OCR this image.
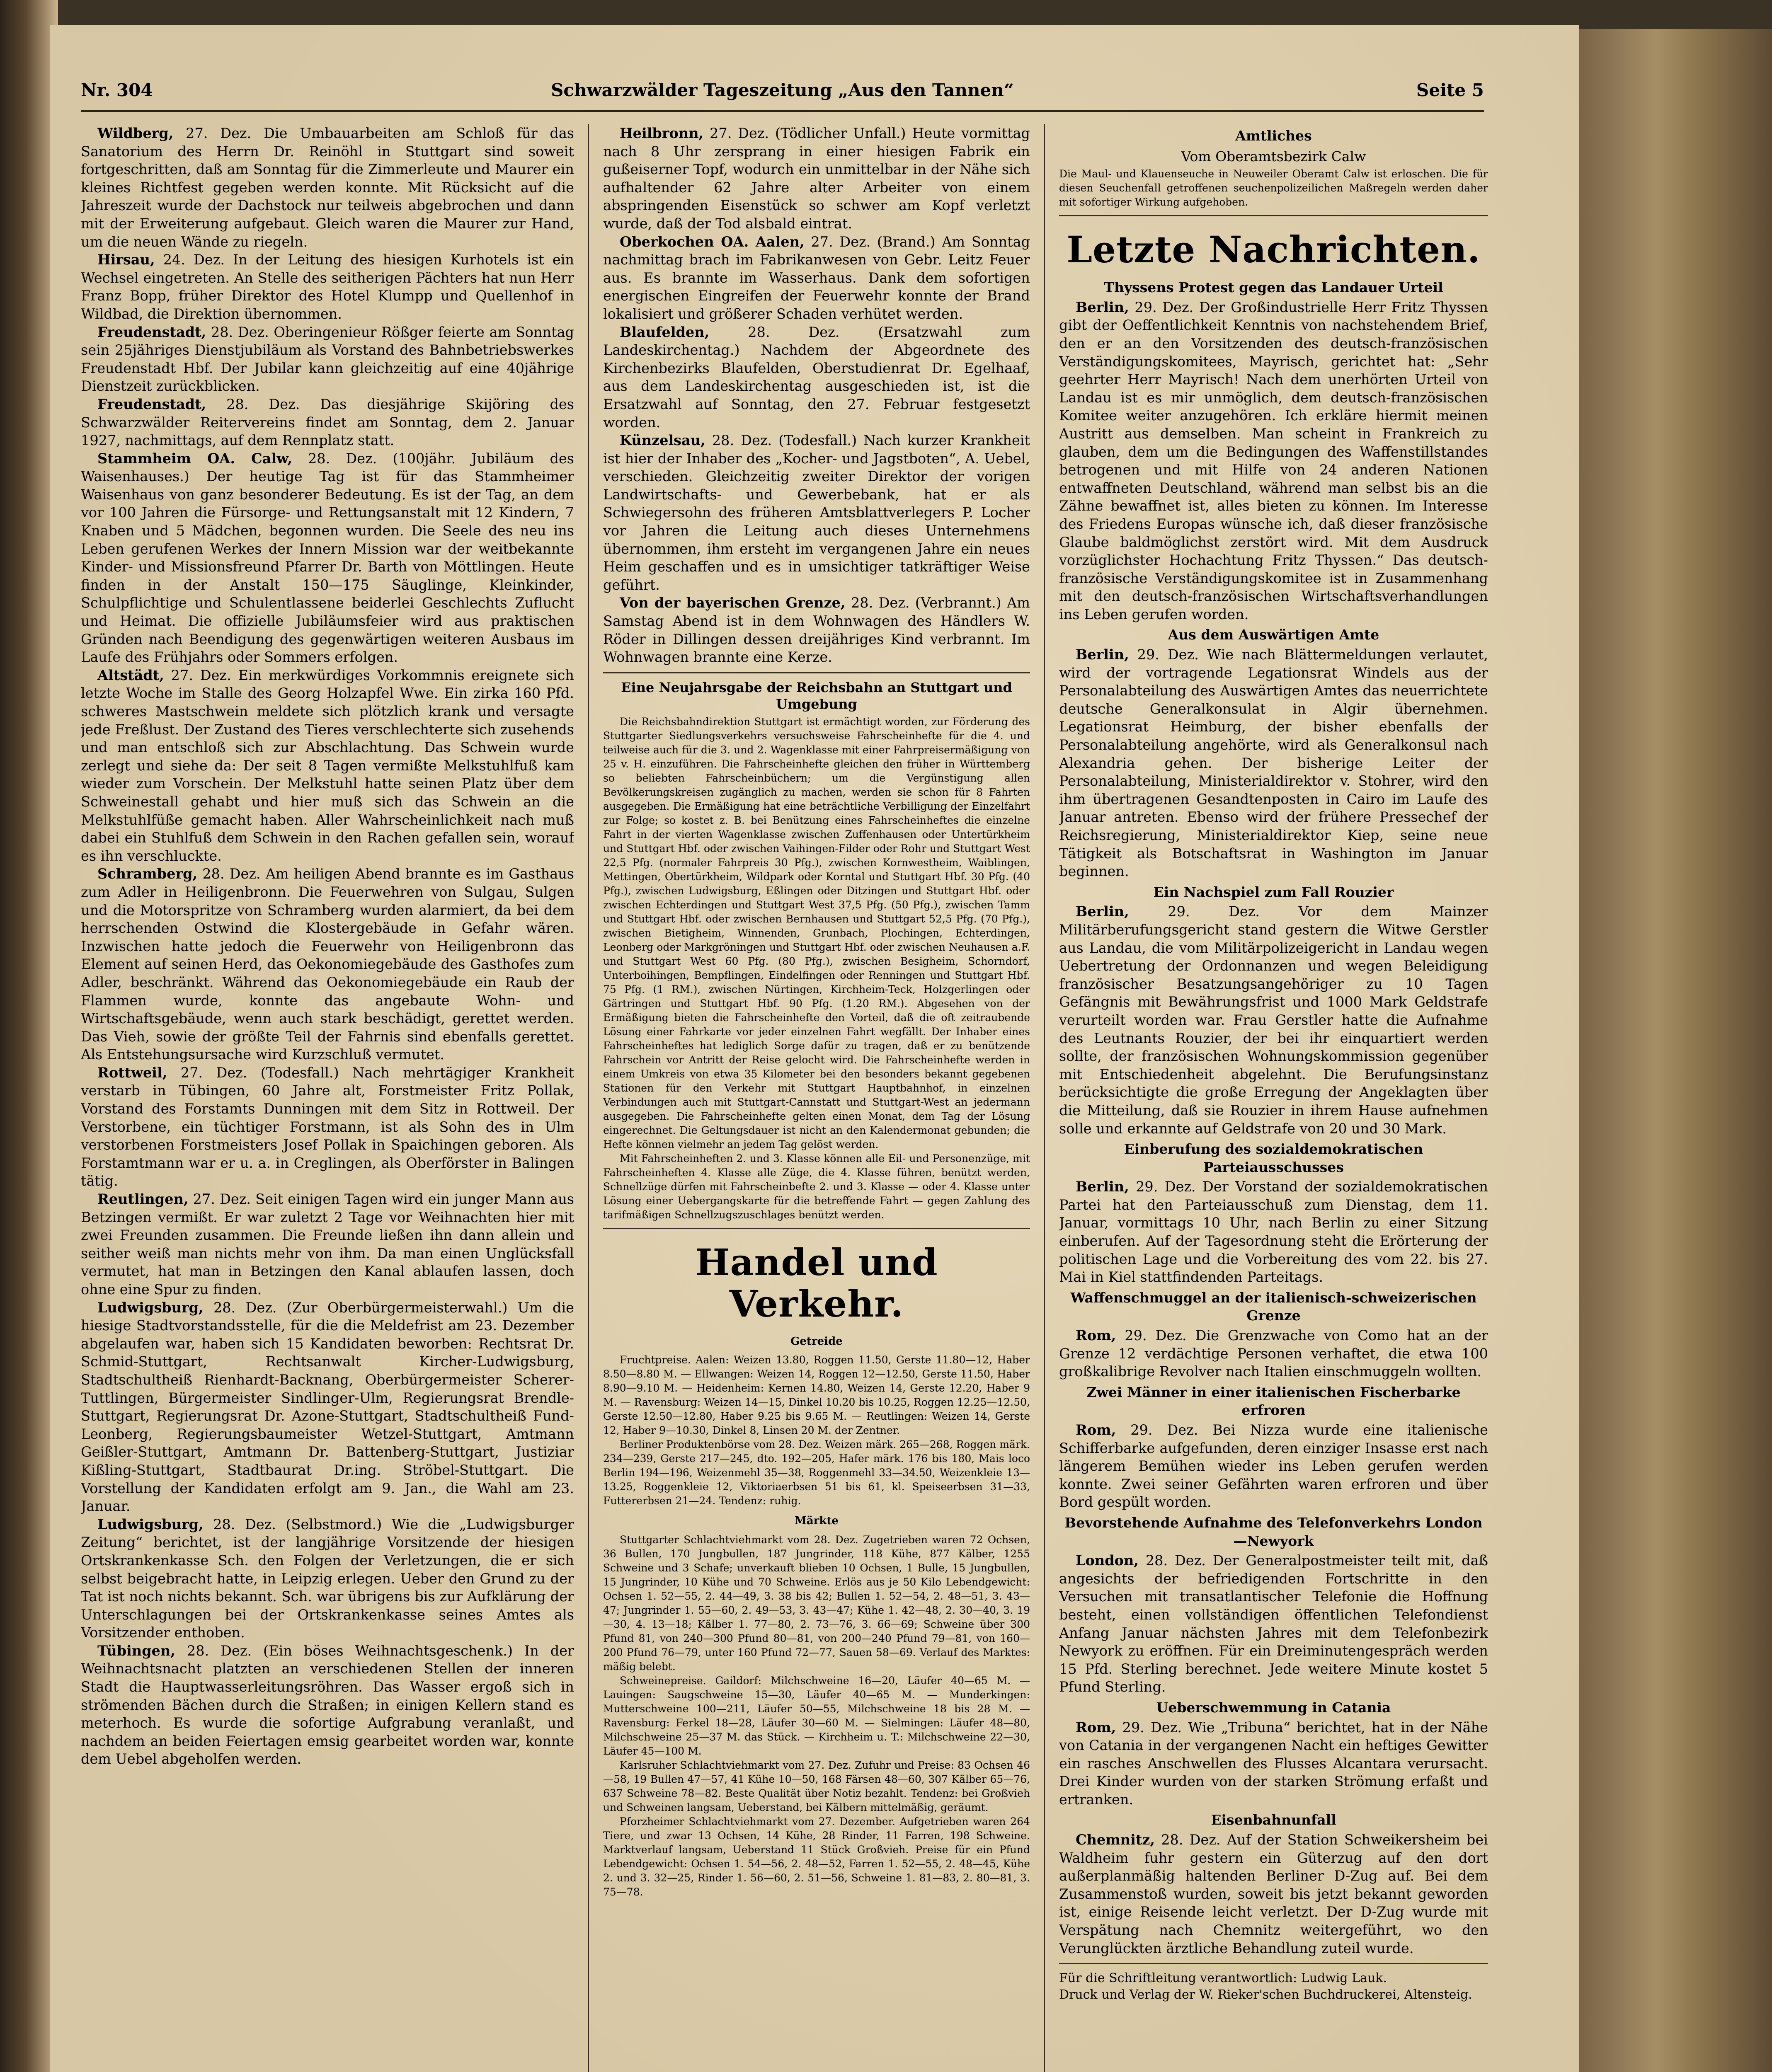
Nr. 304	Schwarzwälder Tageszeitung „Aus den Tannen“	Seite 5

Wildberg, 27. Dez. Die Umbauarbeiten am Schloß für das Sanatorium des Herrn Dr. Reinöhl in Stuttgart sind soweit fortgeschritten, daß am Sonntag für die Zimmerleute und Maurer ein kleines Richtfest gegeben werden konnte. Mit Rücksicht auf die Jahreszeit wurde der Dachstock nur teilweis abgebrochen und dann mit der Erweiterung aufgebaut. Gleich waren die Maurer zur Hand, um die neuen Wände zu riegeln.

Hirsau, 24. Dez. In der Leitung des hiesigen Kurhotels ist ein Wechsel eingetreten. An Stelle des seitherigen Pächters hat nun Herr Franz Bopp, früher Direktor des Hotel Klumpp und Quellenhof in Wildbad, die Direktion übernommen.

Freudenstadt, 28. Dez. Oberingenieur Rößger feierte am Sonntag sein 25jähriges Dienstjubiläum als Vorstand des Bahnbetriebswerkes Freudenstadt Hbf. Der Jubilar kann gleichzeitig auf eine 40jährige Dienstzeit zurückblicken.

Freudenstadt, 28. Dez. Das diesjährige Skijöring des Schwarzwälder Reitervereins findet am Sonntag, dem 2. Januar 1927, nachmittags, auf dem Rennplatz statt.

Stammheim OA. Calw, 28. Dez. (100jähr. Jubiläum des Waisenhauses.) Der heutige Tag ist für das Stammheimer Waisenhaus von ganz besonderer Bedeutung. Es ist der Tag, an dem vor 100 Jahren die Fürsorge- und Rettungsanstalt mit 12 Kindern, 7 Knaben und 5 Mädchen, begonnen wurden. Die Seele des neu ins Leben gerufenen Werkes der Innern Mission war der weitbekannte Kinder- und Missionsfreund Pfarrer Dr. Barth von Möttlingen. Heute finden in der Anstalt 150—175 Säuglinge, Kleinkinder, Schulpflichtige und Schulentlassene beiderlei Geschlechts Zuflucht und Heimat. Die offizielle Jubiläumsfeier wird aus praktischen Gründen nach Beendigung des gegenwärtigen weiteren Ausbaus im Laufe des Frühjahrs oder Sommers erfolgen.

Altstädt, 27. Dez. Ein merkwürdiges Vorkommnis ereignete sich letzte Woche im Stalle des Georg Holzapfel Wwe. Ein zirka 160 Pfd. schweres Mastschwein meldete sich plötzlich krank und versagte jede Freßlust. Der Zustand des Tieres verschlechterte sich zusehends und man entschloß sich zur Abschlachtung. Das Schwein wurde zerlegt und siehe da: Der seit 8 Tagen vermißte Melkstuhlfuß kam wieder zum Vorschein. Der Melkstuhl hatte seinen Platz über dem Schweinestall gehabt und hier muß sich das Schwein an die Melkstuhlfüße gemacht haben. Aller Wahrscheinlichkeit nach muß dabei ein Stuhlfuß dem Schwein in den Rachen gefallen sein, worauf es ihn verschluckte.

Schramberg, 28. Dez. Am heiligen Abend brannte es im Gasthaus zum Adler in Heiligenbronn. Die Feuerwehren von Sulgau, Sulgen und die Motorspritze von Schramberg wurden alarmiert, da bei dem herrschenden Ostwind die Klostergebäude in Gefahr wären. Inzwischen hatte jedoch die Feuerwehr von Heiligenbronn das Element auf seinen Herd, das Oekonomiegebäude des Gasthofes zum Adler, beschränkt. Während das Oekonomiegebäude ein Raub der Flammen wurde, konnte das angebaute Wohn- und Wirtschaftsgebäude, wenn auch stark beschädigt, gerettet werden. Das Vieh, sowie der größte Teil der Fahrnis sind ebenfalls gerettet. Als Entstehungsursache wird Kurzschluß vermutet.

Rottweil, 27. Dez. (Todesfall.) Nach mehrtägiger Krankheit verstarb in Tübingen, 60 Jahre alt, Forstmeister Fritz Pollak, Vorstand des Forstamts Dunningen mit dem Sitz in Rottweil. Der Verstorbene, ein tüchtiger Forstmann, ist als Sohn des in Ulm verstorbenen Forstmeisters Josef Pollak in Spaichingen geboren. Als Forstamtmann war er u. a. in Creglingen, als Oberförster in Balingen tätig.

Reutlingen, 27. Dez. Seit einigen Tagen wird ein junger Mann aus Betzingen vermißt. Er war zuletzt 2 Tage vor Weihnachten hier mit zwei Freunden zusammen. Die Freunde ließen ihn dann allein und seither weiß man nichts mehr von ihm. Da man einen Unglücksfall vermutet, hat man in Betzingen den Kanal ablaufen lassen, doch ohne eine Spur zu finden.

Ludwigsburg, 28. Dez. (Zur Oberbürgermeisterwahl.) Um die hiesige Stadtvorstandsstelle, für die die Meldefrist am 23. Dezember abgelaufen war, haben sich 15 Kandidaten beworben: Rechtsrat Dr. Schmid-Stuttgart, Rechtsanwalt Kircher-Ludwigsburg, Stadtschultheiß Rienhardt-Backnang, Oberbürgermeister Scherer-Tuttlingen, Bürgermeister Sindlinger-Ulm, Regierungsrat Brendle-Stuttgart, Regierungsrat Dr. Azone-Stuttgart, Stadtschultheiß Fund-Leonberg, Regierungsbaumeister Wetzel-Stuttgart, Amtmann Geißler-Stuttgart, Amtmann Dr. Battenberg-Stuttgart, Justiziar Kißling-Stuttgart, Stadtbaurat Dr.ing. Ströbel-Stuttgart. Die Vorstellung der Kandidaten erfolgt am 9. Jan., die Wahl am 23. Januar.

Ludwigsburg, 28. Dez. (Selbstmord.) Wie die „Ludwigsburger Zeitung“ berichtet, ist der langjährige Vorsitzende der hiesigen Ortskrankenkasse Sch. den Folgen der Verletzungen, die er sich selbst beigebracht hatte, in Leipzig erlegen. Ueber den Grund zu der Tat ist noch nichts bekannt. Sch. war übrigens bis zur Aufklärung der Unterschlagungen bei der Ortskrankenkasse seines Amtes als Vorsitzender enthoben.

Tübingen, 28. Dez. (Ein böses Weihnachtsgeschenk.) In der Weihnachtsnacht platzten an verschiedenen Stellen der inneren Stadt die Hauptwasserleitungsröhren. Das Wasser ergoß sich in strömenden Bächen durch die Straßen; in einigen Kellern stand es meterhoch. Es wurde die sofortige Aufgrabung veranlaßt, und nachdem an beiden Feiertagen emsig gearbeitet worden war, konnte dem Uebel abgeholfen werden.

Heilbronn, 27. Dez. (Tödlicher Unfall.) Heute vormittag nach 8 Uhr zersprang in einer hiesigen Fabrik ein gußeiserner Topf, wodurch ein unmittelbar in der Nähe sich aufhaltender 62 Jahre alter Arbeiter von einem abspringenden Eisenstück so schwer am Kopf verletzt wurde, daß der Tod alsbald eintrat.

Oberkochen OA. Aalen, 27. Dez. (Brand.) Am Sonntag nachmittag brach im Fabrikanwesen von Gebr. Leitz Feuer aus. Es brannte im Wasserhaus. Dank dem sofortigen energischen Eingreifen der Feuerwehr konnte der Brand lokalisiert und größerer Schaden verhütet werden.

Blaufelden,	28. Dez. (Ersatzwahl zum Landeskirchentag.) Nachdem der Abgeordnete des Kirchenbezirks Blaufelden, Oberstudienrat Dr. Egelhaaf, aus dem Landeskirchentag ausgeschieden ist, ist die Ersatzwahl auf Sonntag, den 27. Februar festgesetzt worden.

Künzelsau, 28. Dez. (Todesfall.) Nach kurzer Krankheit ist hier der Inhaber des „Kocher- und Jagstboten“, A. Uebel, verschieden. Gleichzeitig zweiter Direktor der vorigen Landwirtschafts- und Gewerbebank, hat er als Schwiegersohn des früheren Amtsblattverlegers P. Locher vor Jahren die Leitung auch dieses Unternehmens übernommen, ihm ersteht im vergangenen Jahre ein neues Heim geschaffen und es in umsichtiger tatkräftiger Weise geführt.

Von der bayerischen Grenze, 28. Dez. (Verbrannt.) Am Samstag Abend ist in dem Wohnwagen des Händlers W. Röder in Dillingen dessen dreijähriges Kind verbrannt. Im Wohnwagen brannte eine Kerze.

Eine Neujahrsgabe der Reichsbahn an Stuttgart und Umgebung

Die Reichsbahndirektion Stuttgart ist ermächtigt worden, zur Förderung des Stuttgarter Siedlungsverkehrs versuchsweise Fahrscheinhefte für die 4. und teilweise auch für die 3. und 2. Wagenklasse mit einer Fahrpreisermäßigung von 25 v. H. einzuführen. Die Fahrscheinhefte gleichen den früher in Württemberg so beliebten Fahrscheinbüchern; um die Vergünstigung allen Bevölkerungskreisen zugänglich zu machen, werden sie schon für 8 Fahrten ausgegeben. Die Ermäßigung hat eine beträchtliche Verbilligung der Einzelfahrt zur Folge; so kostet z. B. bei Benützung eines Fahrscheinheftes die einzelne Fahrt in der vierten Wagenklasse zwischen Zuffenhausen oder Untertürkheim und Stuttgart Hbf. oder zwischen Vaihingen-Filder oder Rohr und Stuttgart West 22,5 Pfg. (normaler Fahrpreis 30 Pfg.), zwischen Kornwestheim, Waiblingen, Mettingen, Obertürkheim, Wildpark oder Korntal und Stuttgart Hbf. 30 Pfg. (40 Pfg.), zwischen Ludwigsburg, Eßlingen oder Ditzingen und Stuttgart Hbf. oder zwischen Echterdingen und Stuttgart West 37,5 Pfg. (50 Pfg.), zwischen Tamm und Stuttgart Hbf. oder zwischen Bernhausen und Stuttgart 52,5 Pfg. (70 Pfg.), zwischen Bietigheim, Winnenden, Grunbach, Plochingen, Echterdingen, Leonberg oder Markgröningen und Stuttgart Hbf. oder zwischen Neuhausen a.F. und Stuttgart West 60 Pfg. (80 Pfg.), zwischen Besigheim, Schorndorf, Unterboihingen, Bempflingen, Eindelfingen oder Renningen und Stuttgart Hbf. 75 Pfg. (1 RM.), zwischen Nürtingen, Kirchheim-Teck, Holzgerlingen oder Gärtringen und Stuttgart Hbf. 90 Pfg. (1.20 RM.). Abgesehen von der Ermäßigung bieten die Fahrscheinhefte den Vorteil, daß die oft zeitraubende Lösung einer Fahrkarte vor jeder einzelnen Fahrt wegfällt. Der Inhaber eines Fahrscheinheftes hat lediglich Sorge dafür zu tragen, daß er zu benützende Fahrschein vor Antritt der Reise gelocht wird. Die Fahrscheinhefte werden in einem Umkreis von etwa 35 Kilometer bei den besonders bekannt gegebenen Stationen für den Verkehr mit Stuttgart Hauptbahnhof, in einzelnen Verbindungen auch mit Stuttgart-Cannstatt und Stuttgart-West an jedermann ausgegeben. Die Fahrscheinhefte gelten einen Monat, dem Tag der Lösung eingerechnet. Die Geltungsdauer ist nicht an den Kalendermonat gebunden; die Hefte können vielmehr an jedem Tag gelöst werden.

Mit Fahrscheinheften 2. und 3. Klasse können alle Eil- und Personenzüge, mit Fahrscheinheften 4. Klasse alle Züge, die 4. Klasse führen, benützt werden, Schnellzüge dürfen mit Fahrscheinbefte 2. und 3. Klasse — oder 4. Klasse unter Lösung einer Uebergangskarte für die betreffende Fahrt — gegen Zahlung des tarifmäßigen Schnellzugszuschlages benützt werden.

Handel und Verkehr.

Getreide

Fruchtpreise. Aalen: Weizen 13.80, Roggen 11.50, Gerste 11.80—12, Haber 8.50—8.80 M. — Ellwangen: Weizen 14, Roggen 12—12.50, Gerste 11.50, Haber 8.90—9.10 M. — Heidenheim: Kernen 14.80, Weizen 14, Gerste 12.20, Haber 9 M. — Ravensburg: Weizen 14—15, Dinkel 10.20 bis 10.25, Roggen 12.25—12.50, Gerste 12.50—12.80, Haber 9.25 bis 9.65 M. — Reutlingen: Weizen 14, Gerste 12, Haber 9—10.30, Dinkel 8, Linsen 20 M. der Zentner.

Berliner Produktenbörse vom 28. Dez. Weizen märk. 265—268, Roggen märk. 234—239, Gerste 217—245, dto. 192—205, Hafer märk. 176 bis 180, Mais loco Berlin 194—196, Weizenmehl 35—38, Roggenmehl 33—34.50, Weizenkleie 13—13.25, Roggenkleie 12, Viktoriaerbsen 51 bis 61, kl. Speiseerbsen 31—33, Futtererbsen 21—24. Tendenz: ruhig.

Märkte

Stuttgarter Schlachtviehmarkt vom 28. Dez. Zugetrieben waren 72 Ochsen, 36 Bullen, 170 Jungbullen, 187 Jungrinder, 118 Kühe, 877 Kälber, 1255 Schweine und 3 Schafe; unverkauft blieben 10 Ochsen, 1 Bulle, 15 Jungbullen, 15 Jungrinder, 10 Kühe und 70 Schweine. Erlös aus je 50 Kilo Lebendgewicht: Ochsen 1. 52—55, 2. 44—49, 3. 38 bis 42; Bullen 1. 52—54, 2. 48—51, 3. 43—47; Jungrinder 1. 55—60, 2. 49—53, 3. 43—47; Kühe 1. 42—48, 2. 30—40, 3. 19—30, 4. 13—18; Kälber 1. 77—80, 2. 73—76, 3. 66—69; Schweine über 300 Pfund 81, von 240—300 Pfund 80—81, von 200—240 Pfund 79—81, von 160—200 Pfund 76—79, unter 160 Pfund 72—77, Sauen 58—69. Verlauf des Marktes: mäßig belebt.

Schweinepreise. Gaildorf: Milchschweine 16—20, Läufer 40—65 M. — Lauingen: Saugschweine 15—30, Läufer 40—65 M. — Munderkingen: Mutterschweine 100—211, Läufer 50—55, Milchschweine 18 bis 28 M. — Ravensburg: Ferkel 18—28, Läufer 30—60 M. — Sielmingen: Läufer 48—80, Milchschweine 25—37 M. das Stück. — Kirchheim u. T.: Milchschweine 22—30, Läufer 45—100 M.

Karlsruher Schlachtviehmarkt vom 27. Dez. Zufuhr und Preise: 83 Ochsen 46—58, 19 Bullen 47—57, 41 Kühe 10—50, 168 Färsen 48—60, 307 Kälber 65—76, 637 Schweine 78—82. Beste Qualität über Notiz bezahlt. Tendenz: bei Großvieh und Schweinen langsam, Ueberstand, bei Kälbern mittelmäßig, geräumt.

Pforzheimer Schlachtviehmarkt vom 27. Dezember. Aufgetrieben waren 264 Tiere, und zwar 13 Ochsen, 14 Kühe, 28 Rinder, 11 Farren, 198 Schweine. Marktverlauf langsam, Ueberstand 11 Stück Großvieh. Preise für ein Pfund Lebendgewicht: Ochsen 1. 54—56, 2. 48—52, Farren 1. 52—55, 2. 48—45, Kühe 2. und 3. 32—25, Rinder 1. 56—60, 2. 51—56, Schweine 1. 81—83, 2. 80—81, 3. 75—78.

Amtliches

Vom Oberamtsbezirk Calw

Die Maul- und Klauenseuche in Neuweiler Oberamt Calw ist erloschen. Die für diesen Seuchenfall getroffenen seuchenpolizeilichen Maßregeln werden daher mit sofortiger Wirkung aufgehoben.

Letzte Nachrichten.

Thyssens Protest gegen das Landauer Urteil

Berlin, 29. Dez. Der Großindustrielle Herr Fritz Thyssen gibt der Oeffentlichkeit Kenntnis von nachstehendem Brief, den er an den Vorsitzenden des deutsch-französischen Verständigungskomitees, Mayrisch, gerichtet hat: „Sehr geehrter Herr Mayrisch! Nach dem unerhörten Urteil von Landau ist es mir unmöglich, dem deutsch-französischen Komitee weiter anzugehören. Ich erkläre hiermit meinen Austritt aus demselben. Man scheint in Frankreich zu glauben, dem um die Bedingungen des Waffenstillstandes betrogenen und mit Hilfe von 24 anderen Nationen entwaffneten Deutschland, während man selbst bis an die Zähne bewaffnet ist, alles bieten zu können. Im Interesse des Friedens Europas wünsche ich, daß dieser französische Glaube baldmöglichst zerstört wird. Mit dem Ausdruck vorzüglichster Hochachtung Fritz Thyssen.“ Das deutsch-französische Verständigungskomitee ist in Zusammenhang mit den deutsch-französischen Wirtschaftsverhandlungen ins Leben gerufen worden.

Aus dem Auswärtigen Amte

Berlin, 29. Dez. Wie nach Blättermeldungen verlautet, wird der vortragende Legationsrat Windels aus der Personalabteilung des Auswärtigen Amtes das neuerrichtete deutsche Generalkonsulat in Algir übernehmen. Legationsrat Heimburg, der bisher ebenfalls der Personalabteilung angehörte, wird als Generalkonsul nach Alexandria gehen. Der bisherige Leiter der Personalabteilung, Ministerialdirektor v. Stohrer, wird den ihm übertragenen Gesandtenposten in Cairo im Laufe des Januar antreten. Ebenso wird der frühere Pressechef der Reichsregierung, Ministerialdirektor Kiep, seine neue Tätigkeit als Botschaftsrat in Washington im Januar beginnen.

Ein Nachspiel zum Fall Rouzier

Berlin,	29. Dez. Vor dem Mainzer Militärberufungsgericht stand gestern die Witwe Gerstler aus Landau, die vom Militärpolizeigericht in Landau wegen Uebertretung der Ordonnanzen und wegen Beleidigung französischer Besatzungsangehöriger zu 10 Tagen Gefängnis mit Bewährungsfrist und 1000 Mark Geldstrafe verurteilt worden war. Frau Gerstler hatte die Aufnahme des Leutnants Rouzier, der bei ihr einquartiert werden sollte, der französischen Wohnungskommission gegenüber mit Entschiedenheit abgelehnt. Die Berufungsinstanz berücksichtigte die große Erregung der Angeklagten über die Mitteilung, daß sie Rouzier in ihrem Hause aufnehmen solle und erkannte auf Geldstrafe von 20 und 30 Mark.

Einberufung des sozialdemokratischen Parteiausschusses

Berlin, 29. Dez. Der Vorstand der sozialdemokratischen Partei hat den Parteiausschuß zum Dienstag, dem 11. Januar, vormittags 10 Uhr, nach Berlin zu einer Sitzung einberufen. Auf der Tagesordnung steht die Erörterung der politischen Lage und die Vorbereitung des vom 22. bis 27. Mai in Kiel stattfindenden Parteitags.

Waffenschmuggel an der italienisch-schweizerischen Grenze

Rom, 29. Dez. Die Grenzwache von Como hat an der Grenze 12 verdächtige Personen verhaftet, die etwa 100 großkalibrige Revolver nach Italien einschmuggeln wollten.

Zwei Männer in einer italienischen Fischerbarke erfroren

Rom, 29. Dez. Bei Nizza wurde eine italienische Schifferbarke aufgefunden, deren einziger Insasse erst nach längerem Bemühen wieder ins Leben gerufen werden konnte. Zwei seiner Gefährten waren erfroren und über Bord gespült worden.

Bevorstehende Aufnahme des Telefonverkehrs London—Newyork

London, 28. Dez. Der Generalpostmeister teilt mit, daß angesichts der befriedigenden Fortschritte in den Versuchen mit transatlantischer Telefonie die Hoffnung besteht, einen vollständigen öffentlichen Telefondienst Anfang Januar nächsten Jahres mit dem Telefonbezirk Newyork zu eröffnen. Für ein Dreiminutengespräch werden 15 Pfd. Sterling berechnet. Jede weitere Minute kostet 5 Pfund Sterling.

Ueberschwemmung in Catania

Rom, 29. Dez. Wie „Tribuna“ berichtet, hat in der Nähe von Catania in der vergangenen Nacht ein heftiges Gewitter ein rasches Anschwellen des Flusses Alcantara verursacht. Drei Kinder wurden von der starken Strömung erfaßt und ertranken.

Eisenbahnunfall

Chemnitz, 28. Dez. Auf der Station Schweikersheim bei Waldheim fuhr gestern ein Güterzug auf den dort außerplanmäßig haltenden Berliner D-Zug auf. Bei dem Zusammenstoß wurden, soweit bis jetzt bekannt geworden ist, einige Reisende leicht verletzt. Der D-Zug wurde mit Verspätung nach Chemnitz weitergeführt, wo den Verunglückten ärztliche Behandlung zuteil wurde.

Für die Schriftleitung verantwortlich: Ludwig Lauk.

Druck und Verlag der W. Rieker'schen Buchdruckerei, Altensteig.
